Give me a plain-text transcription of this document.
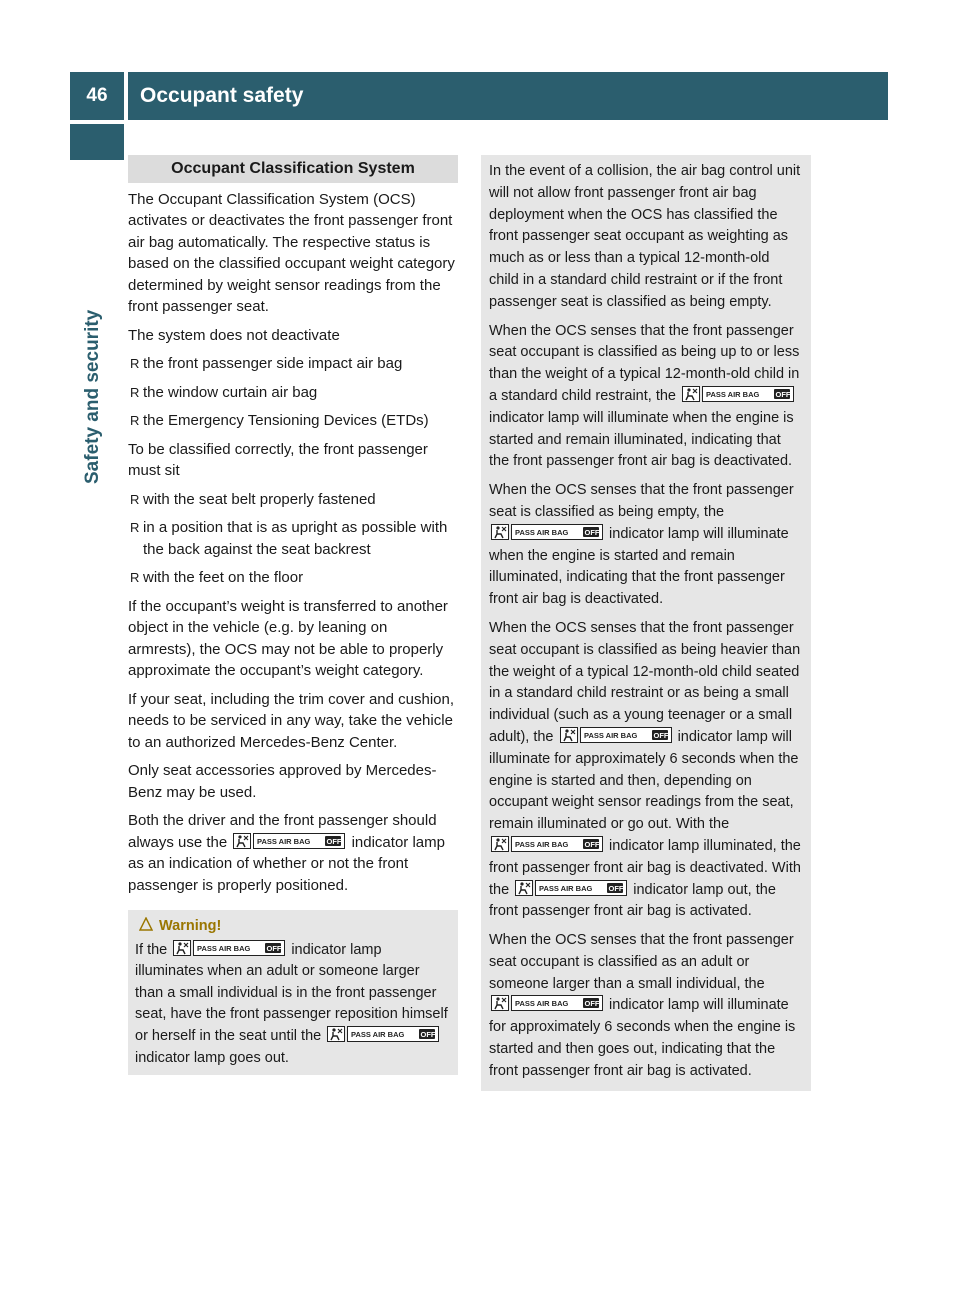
46	Occupant safety
Safety and security
Occupant Classification System

The Occupant Classification System (OCS) activates or deactivates the front passenger front air bag automatically. The respective status is based on the classified occupant weight category determined by weight sensor readings from the front passenger seat.

The system does not deactivate

R the front passenger side impact air bag
R the window curtain air bag
R the Emergency Tensioning Devices (ETDs)

To be classified correctly, the front passenger must sit

R with the seat belt properly fastened
R in a position that is as upright as possible with the back against the seat backrest
R with the feet on the floor

If the occupant’s weight is transferred to another object in the vehicle (e.g. by leaning on armrests), the OCS may not be able to properly approximate the occupant’s weight category.

If your seat, including the trim cover and cushion, needs to be serviced in any way, take the vehicle to an authorized Mercedes-Benz Center.

Only seat accessories approved by Mercedes-Benz may be used.

Both the driver and the front passenger should always use the	PASS AIR BAG OFF indicator lamp as an indication of whether or not the front passenger is properly positioned.

Warning!
If the	PASS AIR BAG OFF indicator lamp illuminates when an adult or someone larger than a small individual is in the front passenger seat, have the front passenger reposition himself or herself in the seat until the	PASS AIR BAG OFF
indicator lamp goes out.

In the event of a collision, the air bag control unit will not allow front passenger front air bag deployment when the OCS has classified the front passenger seat occupant as weighting as much as or less than a typical 12-month-old child in a standard child restraint or if the front passenger seat is classified as being empty.

When the OCS senses that the front passenger seat occupant is classified as being up to or less than the weight of a typical 12-month-old child in a standard child restraint, the	PASS AIR BAG OFF
indicator lamp will illuminate when the engine is started and remain illuminated, indicating that the front passenger front air bag is deactivated.

When the OCS senses that the front passenger seat is classified as being empty, the
PASS AIR BAG OFF indicator lamp will illuminate when the engine is started and remain illuminated, indicating that the front passenger front air bag is deactivated.

When the OCS senses that the front passenger seat occupant is classified as being heavier than the weight of a typical 12-month-old child seated in a standard child restraint or as being a small individual (such as a young teenager or a small adult), the	PASS AIR BAG OFF indicator lamp will illuminate for approximately 6 seconds when the engine is started and then, depending on occupant weight sensor readings from the seat, remain illuminated or go out. With the
PASS AIR BAG OFF indicator lamp illuminated, the front passenger front air bag is deactivated. With the	PASS AIR BAG OFF indicator lamp out, the front passenger front air bag is activated.

When the OCS senses that the front passenger seat occupant is classified as an adult or someone larger than a small individual, the
PASS AIR BAG OFF indicator lamp will illuminate for approximately 6 seconds when the engine is started and then goes out, indicating that the front passenger front air bag is activated.
